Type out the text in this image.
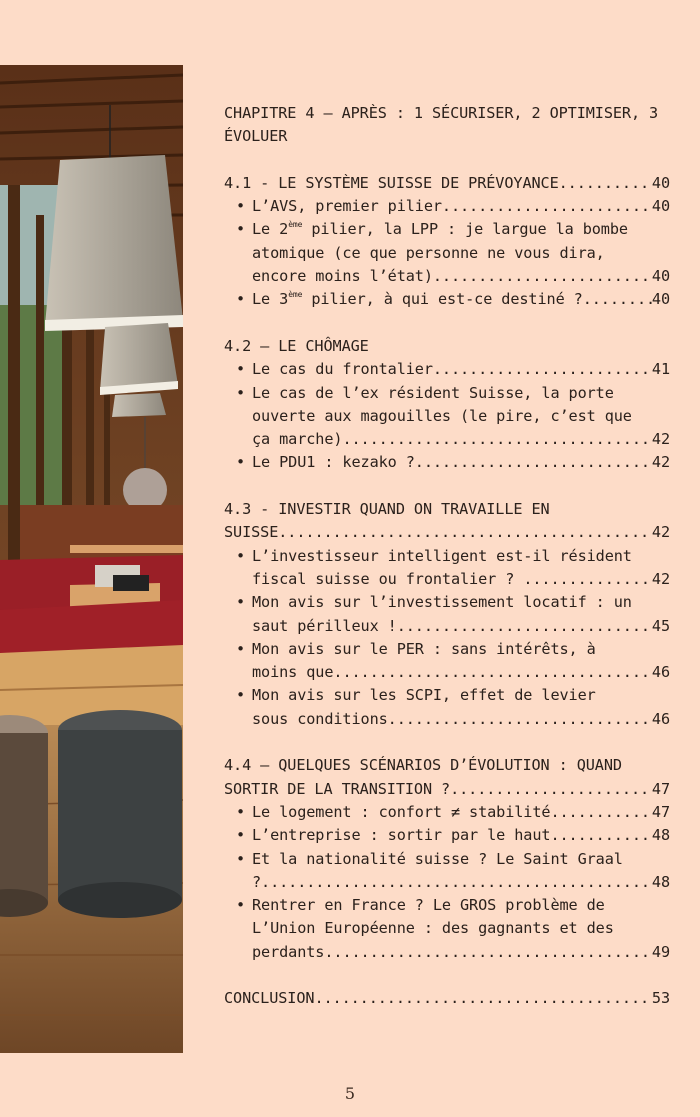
CHAPITRE 4 – APRÈS : 1 SÉCURISER, 2 OPTIMISER, 3 ÉVOLUER

4.1 - LE SYSTÈME SUISSE DE PRÉVOYANCE .....	40
• L’AVS, premier pilier .....	40
• Le 2ème pilier, la LPP : je largue la bombe atomique (ce que personne ne vous dira,
encore moins l’état) .....	40
• Le 3ème pilier, à qui est-ce destiné ? .....	40

4.2 – LE CHÔMAGE

• Le cas du frontalier .....	41
• Le cas de l’ex résident Suisse, la porte ouverte aux magouilles (le pire, c’est que
ça marche) .....	42
• Le PDU1 : kezako ? .....	42

4.3 - INVESTIR QUAND ON TRAVAILLE EN

SUISSE .....	42
• L’investisseur intelligent est-il résident
fiscal suisse ou frontalier ? .....	42
• Mon avis sur l’investissement locatif : un
saut périlleux ! .....	45
• Mon avis sur le PER : sans intérêts, à
moins que .....	46
• Mon avis sur les SCPI, effet de levier
sous conditions .....	46

4.4 – QUELQUES SCÉNARIOS D’ÉVOLUTION : QUAND

SORTIR DE LA TRANSITION ? .....	47
• Le logement : confort ≠ stabilité .....	47
• L’entreprise : sortir par le haut .....	48
• Et la nationalité suisse ? Le Saint Graal
? .....	48
• Rentrer en France ? Le GROS problème de L’Union Européenne : des gagnants et des
perdants .....	49
CONCLUSION .....	53
5
